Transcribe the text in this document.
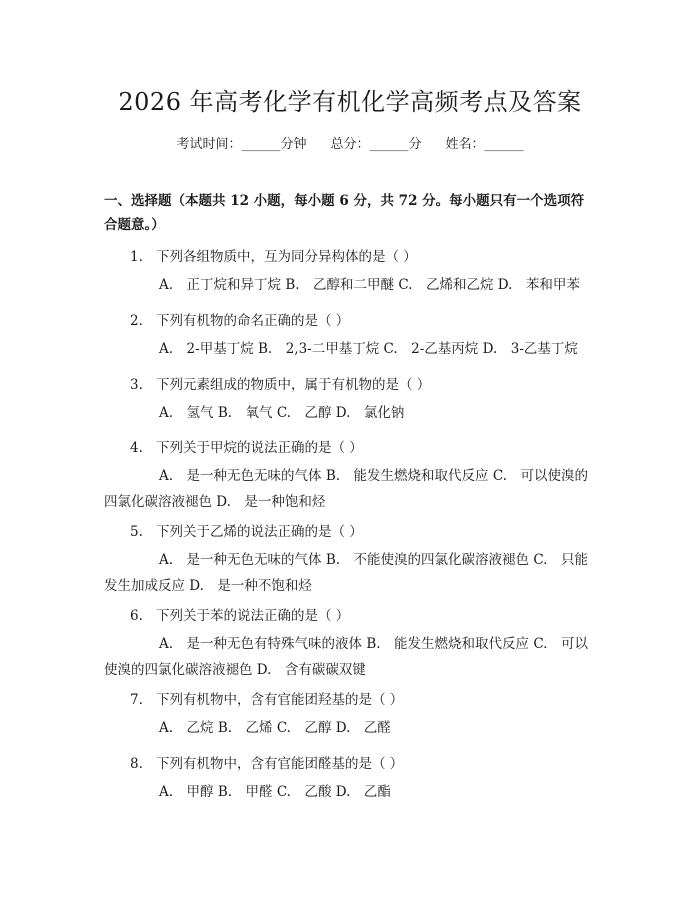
2026 年高考化学有机化学高频考点及答案
考试时间：______分钟 总分：______分 姓名：______
一、选择题（本题共 12 小题，每小题 6 分，共 72 分。每小题只有一个选项符合题意。）
1. 下列各组物质中，互为同分异构体的是（ ）
A.　正丁烷和异丁烷 B.　乙醇和二甲醚 C.　乙烯和乙烷 D.　苯和甲苯
2. 下列有机物的命名正确的是（ ）
A.　2-甲基丁烷 B.　2,3-二甲基丁烷 C.　2-乙基丙烷 D.　3-乙基丁烷
3. 下列元素组成的物质中，属于有机物的是（ ）
A.　氢气 B.　氧气 C.　乙醇 D.　氯化钠
4. 下列关于甲烷的说法正确的是（ ）
A.　是一种无色无味的气体 B.　能发生燃烧和取代反应 C.　可以使溴的四氯化碳溶液褪色 D.　是一种饱和烃
5. 下列关于乙烯的说法正确的是（ ）
A.　是一种无色无味的气体 B.　不能使溴的四氯化碳溶液褪色 C.　只能发生加成反应 D.　是一种不饱和烃
6. 下列关于苯的说法正确的是（ ）
A.　是一种无色有特殊气味的液体 B.　能发生燃烧和取代反应 C.　可以使溴的四氯化碳溶液褪色 D.　含有碳碳双键
7. 下列有机物中，含有官能团羟基的是（ ）
A.　乙烷 B.　乙烯 C.　乙醇 D.　乙醛
8. 下列有机物中，含有官能团醛基的是（ ）
A.　甲醇 B.　甲醛 C.　乙酸 D.　乙酯
